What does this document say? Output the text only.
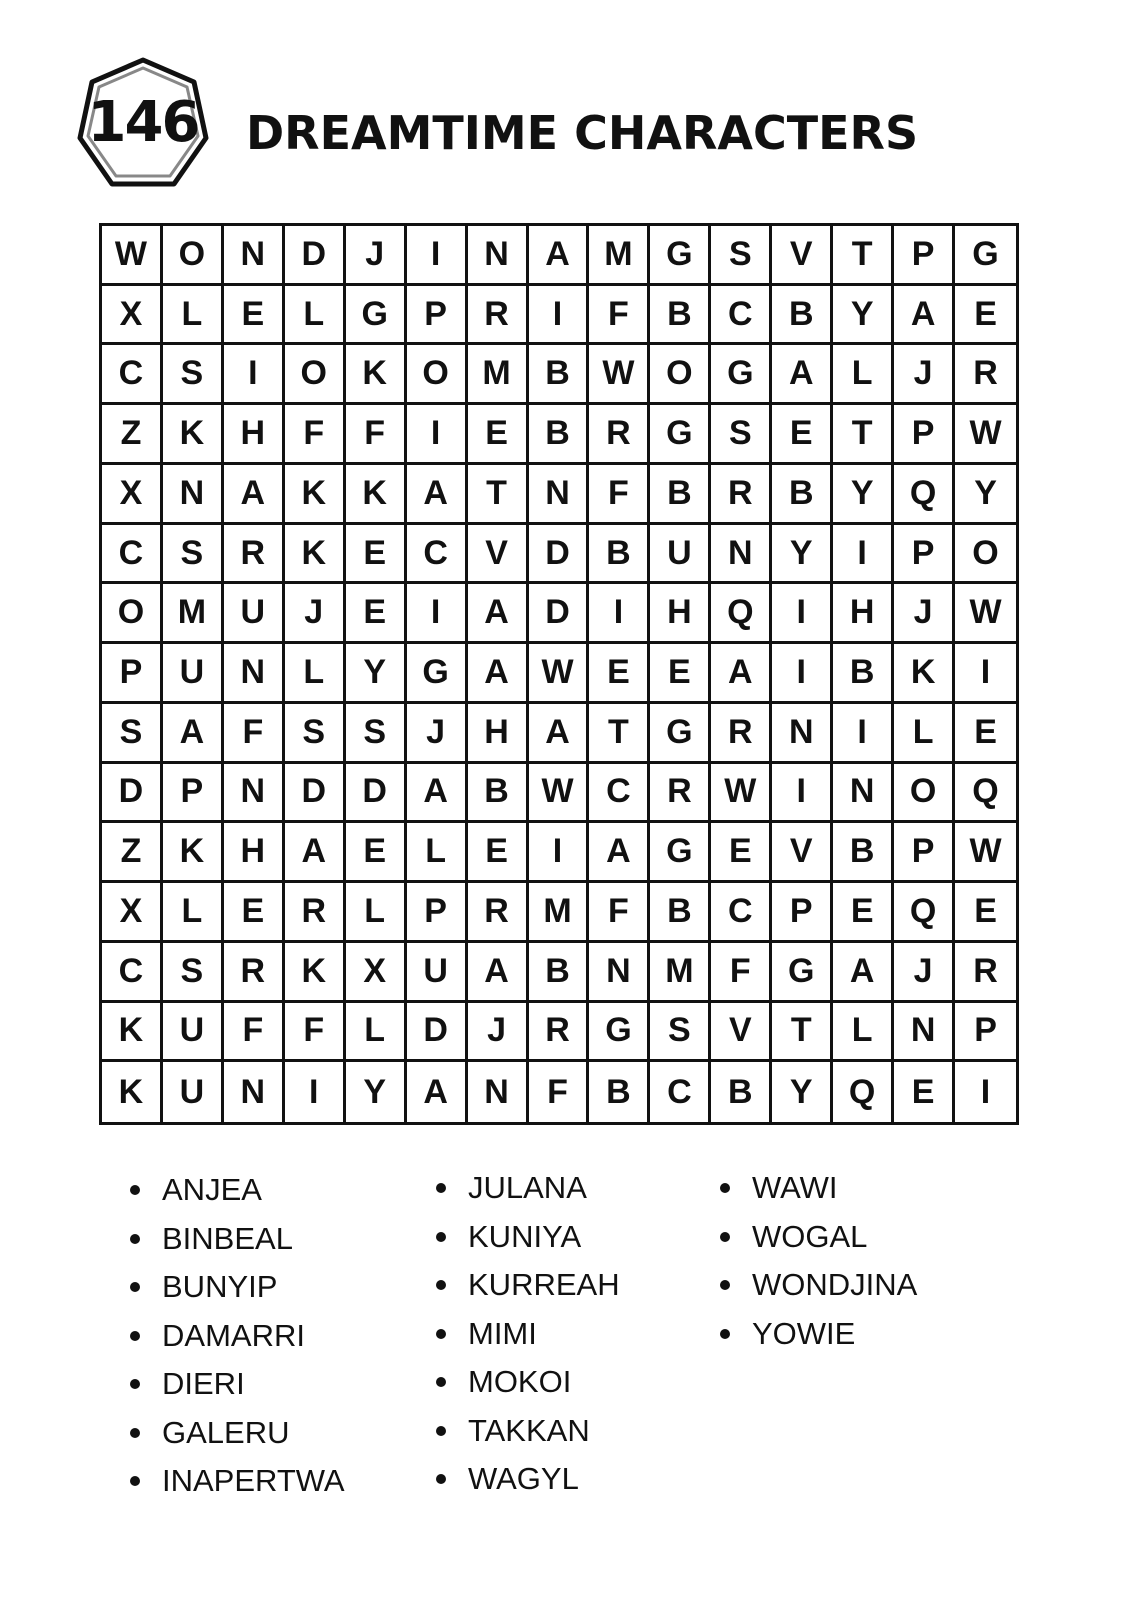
146 DREAMTIME CHARACTERS
W O	N	D	J	I	N	A	M G	S	V	T	P	G
X	L	E	L	G	P	R	I	F	B	C	B	Y	A	E
C	S	I	O	K	O M	B W O	G	A	L	J	R
Z	K	H	F	F	I	E	B	R	G	S	E	T	P	W
X	N	A	K	K	A	T	N	F	B	R	B	Y	Q	Y
C	S	R	K	E	C	V	D	B	U	N	Y	I	P	O
O M	U	J	E	I	A	D	I	H	Q	I	H	J	W
P	U	N	L	Y	G	A W E	E	A	I	B	K	I
S	A	F	S	S	J	H	A	T	G	R	N	I	L	E
D	P	N	D	D	A	B W C	R W	I	N	O	Q
Z	K	H	A	E	L	E	I	A	G	E	V	B	P	W
X	L	E	R	L	P	R	M	F	B	C	P	E	Q	E
C	S	R	K	X	U	A	B	N	M	F	G	A	J	R
K	U	F	F	L	D	J	R	G	S	V	T	L	N	P
K	U	N	I	Y	A	N	F	B	C	B	Y	Q	E	I
ANJEA
BINBEAL
BUNYIP
DAMARRI
DIERI
GALERU
INAPERTWA
JULANA
KUNIYA
KURREAH
MIMI
MOKOI
TAKKAN
WAGYL
WAWI
WOGAL
WONDJINA
YOWIE
